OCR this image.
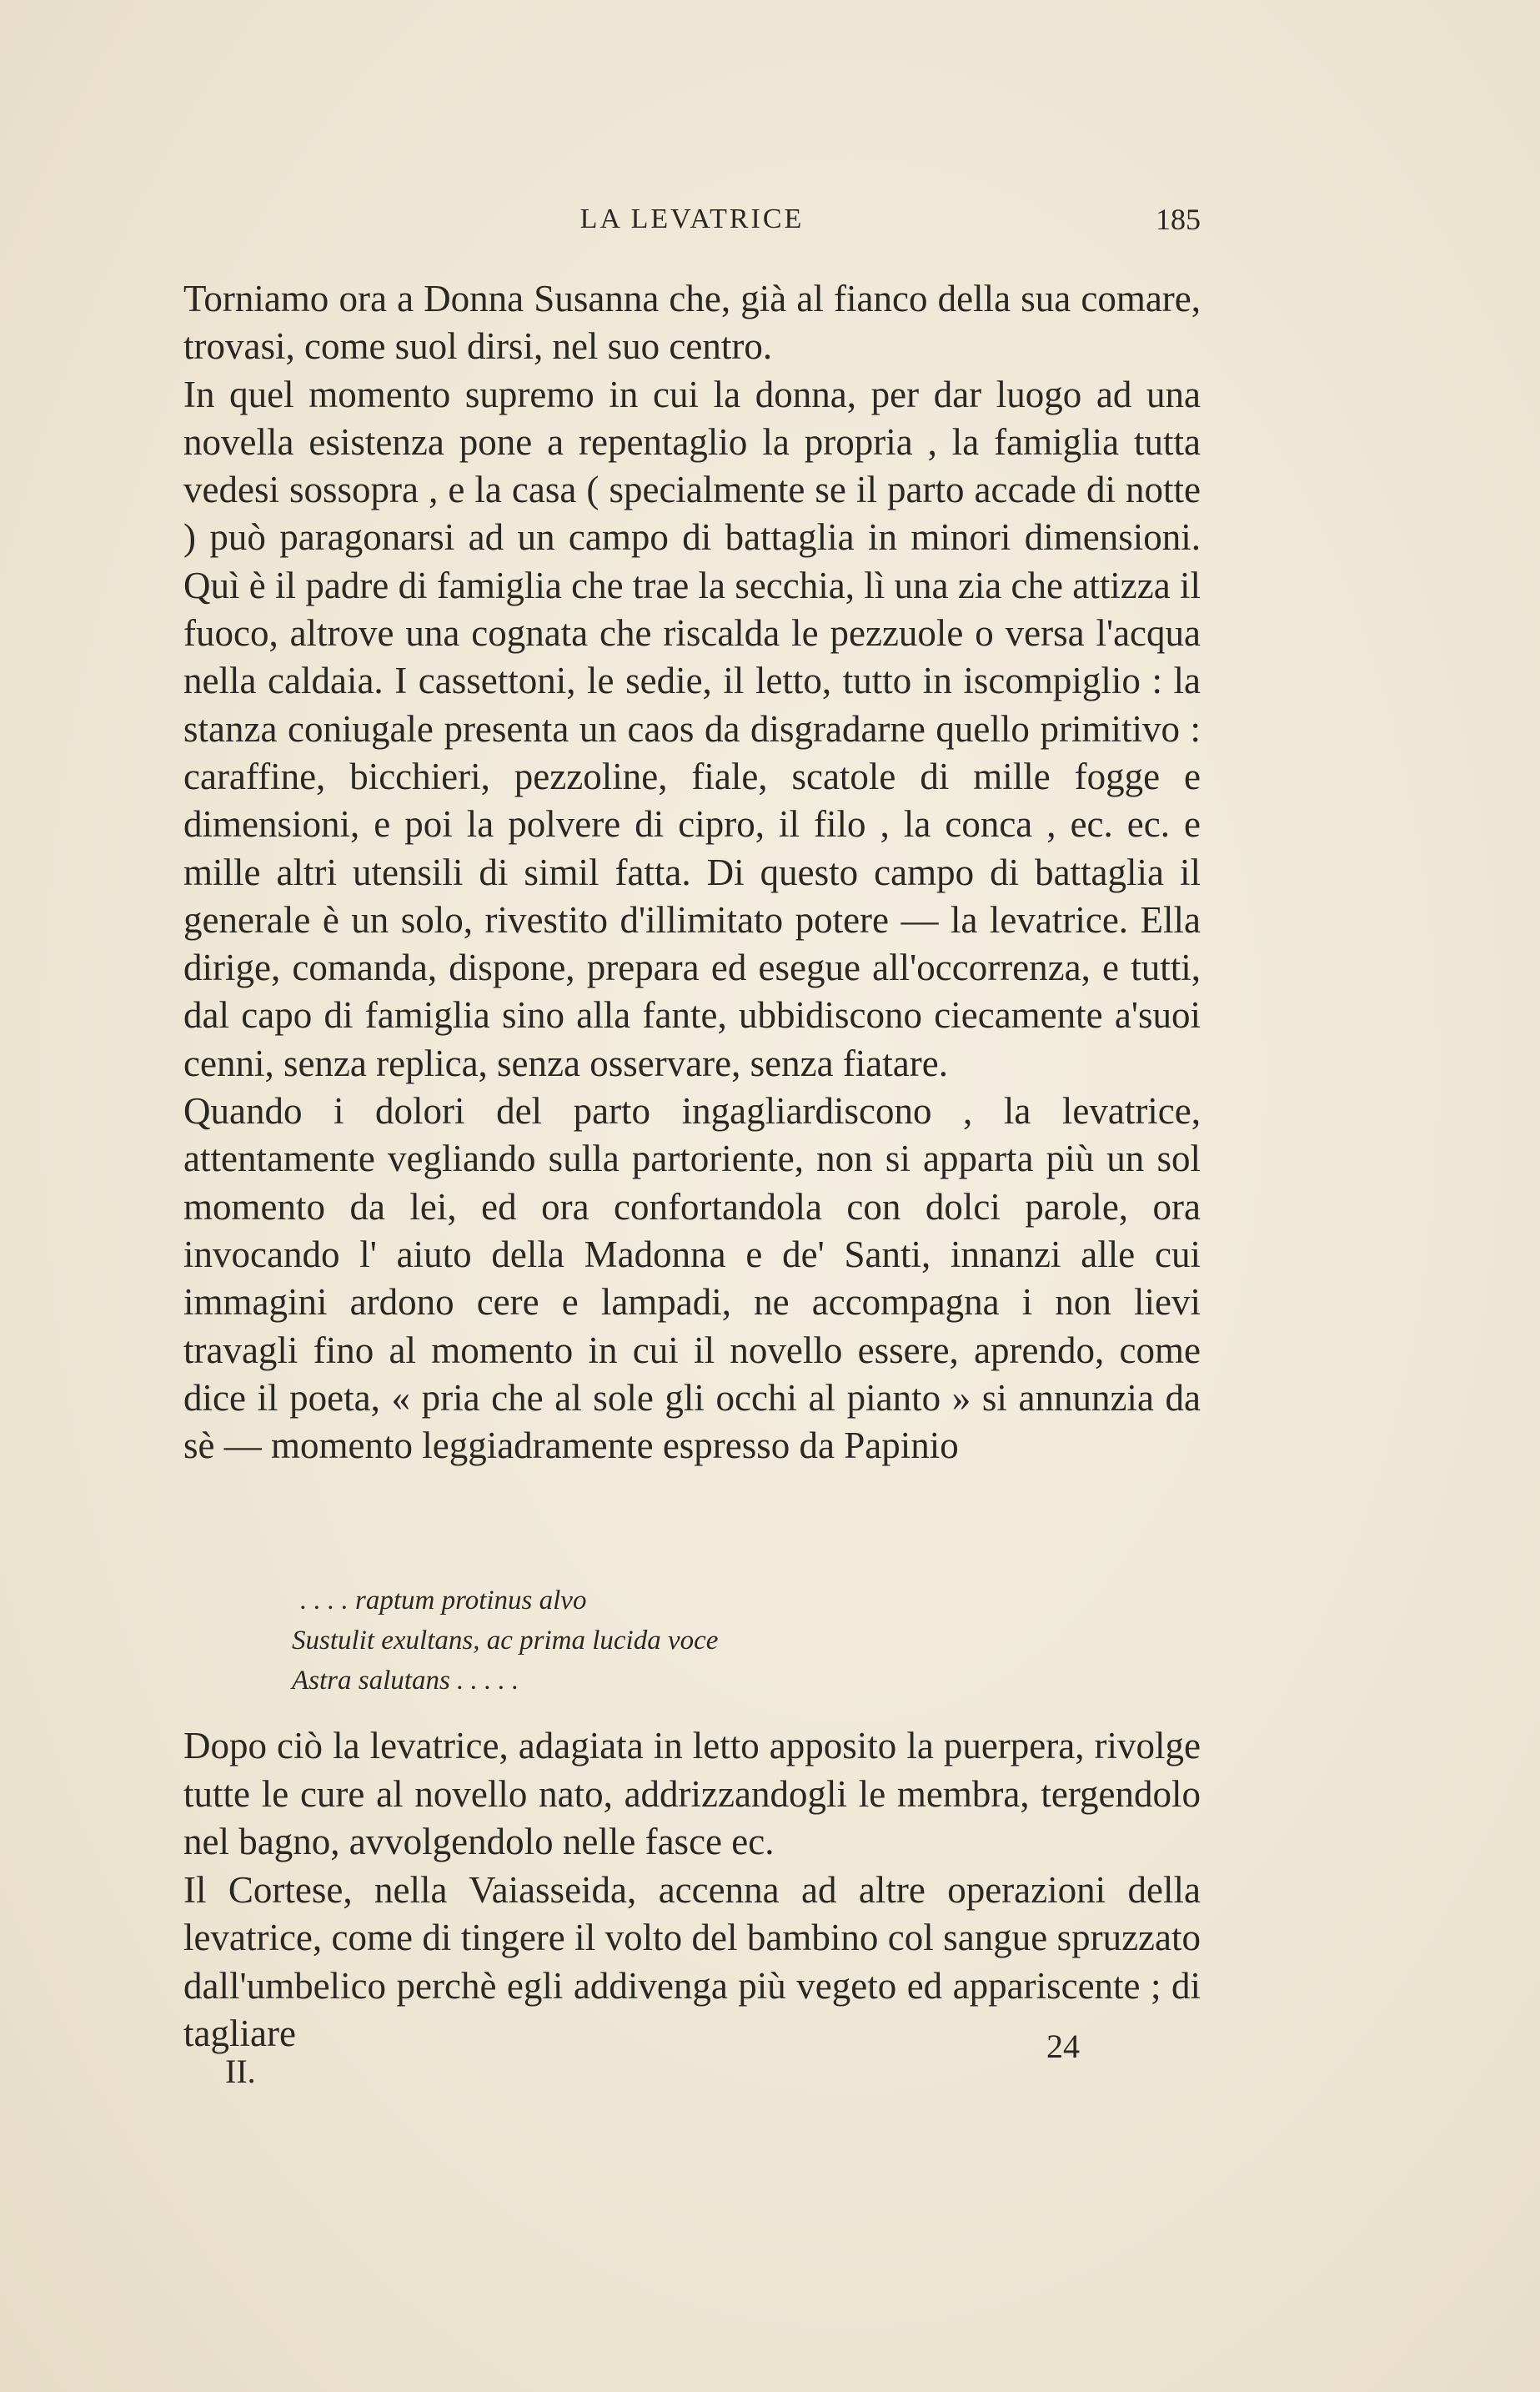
LA LEVATRICE	185

Torniamo ora a Donna Susanna che, già al fianco della sua comare, trovasi, come suol dirsi, nel suo centro.

In quel momento supremo in cui la donna, per dar luogo ad una novella esistenza pone a repentaglio la propria , la famiglia tutta vedesi sossopra , e la casa ( specialmente se il parto accade di notte ) può paragonarsi ad un campo di battaglia in minori dimensioni. Quì è il padre di famiglia che trae la secchia, lì una zia che attizza il fuoco, altrove una cognata che riscalda le pezzuole o versa l'acqua nella caldaia. I cassettoni, le sedie, il letto, tutto in iscompiglio : la stanza coniugale presenta un caos da disgradarne quello primitivo : caraffine, bicchieri, pezzoline, fiale, scatole di mille fogge e dimensioni, e poi la polvere di cipro, il filo , la conca , ec. ec. e mille altri utensili di simil fatta. Di questo campo di battaglia il generale è un solo, rivestito d'illimitato potere — la levatrice. Ella dirige, comanda, dispone, prepara ed esegue all'occorrenza, e tutti, dal capo di famiglia sino alla fante, ubbidiscono ciecamente a'suoi cenni, senza replica, senza osservare, senza fiatare.

Quando i dolori del parto ingagliardiscono , la levatrice, attentamente vegliando sulla partoriente, non si apparta più un sol momento da lei, ed ora confortandola con dolci parole, ora invocando l' aiuto della Madonna e de' Santi, innanzi alle cui immagini ardono cere e lampadi, ne accompagna i non lievi travagli fino al momento in cui il novello essere, aprendo, come dice il poeta, « pria che al sole gli occhi al pianto » si annunzia da sè — momento leggiadramente espresso da Papinio

. . . . raptum protinus alvo
Sustulit exultans, ac prima lucida voce
Astra salutans . . . . .

Dopo ciò la levatrice, adagiata in letto apposito la puerpera, rivolge tutte le cure al novello nato, addrizzandogli le membra, tergendolo nel bagno, avvolgendolo nelle fasce ec.

Il Cortese, nella Vaiasseida, accenna ad altre operazioni della levatrice, come di tingere il volto del bambino col sangue spruzzato dall'umbelico perchè egli addivenga più vegeto ed appariscente ; di tagliare

II.
24
